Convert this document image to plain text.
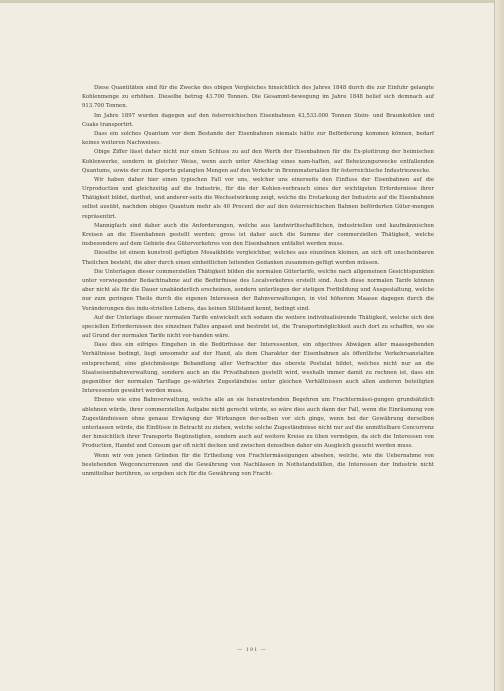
Diese Quantitäten sind für die Zwecke des obigen Vergleiches hinsichtlich des Jahres 1848 durch die zur Einfuhr gelangte Kohlenmenge zu erhöhen. Dieselbe betrug 43.700 Tonnen. Die Gesammt-bewegung im Jahre 1848 belief sich demnach auf 913.700 Tonnen.

Im Jahre 1897 wurden dagegen auf den österreichischen Eisenbahnen 43,533.000 Tonnen Stein- und Braunkohlen und Coaks transportirt.

Dass ein solches Quantum vor dem Bestande der Eisenbahnen niemals hätte zur Beförderung kommen können, bedarf keines weiteren Nachweises.

Obige Ziffer lässt daher nicht nur einen Schluss zu auf den Werth der Eisenbahnen für die Ex-ploitirung der heimischen Kohlenwerke, sondern in gleicher Weise, wenn auch unter Abschlag eines nam-haften, auf Beheizungszwecke entfallenden Quantums, sowie der zum Exporte gelangten Mengen auf den Verkehr in Brennmaterialien für österreichische Industriezwecke.

Wir haben daher hier einen typischen Fall vor uns, welcher uns einerseits den Einfluss der Eisenbahnen auf die Urproduction und gleichzeitig auf die Industrie, für die der Kohlen-verbrauch eines der wichtigsten Erfordernisse ihrer Thätigkeit bildet, darthut, und anderer-seits die Wechselwirkung zeigt, welche die Erstarkung der Industrie auf die Eisenbahnen selbst ausübt, nachdem obiges Quantum mehr als 40 Procent der auf den österreichischen Bahnen beförderten Güter-mengen repräsentirt.

Mannigfach sind daher auch die Anforderungen, welche aus landwirthschaftlichen, industriellen und kaufmännischen Kreisen an die Eisenbahnen gestellt werden; gross ist daher auch die Summe der commerziellen Thätigkeit, welche insbesondere auf dem Gebiete des Güterverkehres von den Eisenbahnen entfaltet werden muss.

Dieselbe ist einem kunstvoll gefügten Mosaikbilde vergleichbar, welches aus einzelnen kleinen, an sich oft unscheinbaren Theilchen besteht, die aber durch einen einheitlichen leitenden Gedanken zusammen-gefügt werden müssen.

Die Unterlagen dieser commerziellen Thätigkeit bilden die normalen Gütertarife, welche nach allgemeinen Gesichtspunkten unter vorwiegender Bedachtnahme auf die Bedürfnisse des Localverkehres erstellt sind. Auch diese normalen Tarife können aber nicht als für die Dauer unabänderlich erscheinen, sondern unterliegen der stetigen Fortbildung und Ausgestaltung, welche nur zum geringen Theile durch die eigenen Interessen der Bahnverwaltungen, in viel höherem Maasse dagegen durch die Veränderungen des indu-striellen Lebens, das keinen Stillstand kennt, bedingt sind.

Auf der Unterlage dieser normalen Tarife entwickelt sich sodann die weitere individualisirende Thätigkeit, welche sich den speciellen Erfordernissen des einzelnen Falles anpasst und bestrebt ist, die Transportmöglichkeit auch dort zu schaffen, wo sie auf Grund der normalen Tarife nicht vor-handen wäre.

Dass dies ein eifriges Eingehen in die Bedürfnisse der Interessenten, ein objectives Abwägen aller maassgebenden Verhältnisse bedingt, liegt umsomehr auf der Hand, als dem Charakter der Eisenbahnen als öffentliche Verkehrsanstalten entsprechend, eine gleichmässige Behandlung aller Verfrachter das oberste Postulat bildet, welches nicht nur an die Staatseisenbahnverwaltung, sondern auch an die Privatbahnen gestellt wird, weshalb immer damit zu rechnen ist, dass ein gegenüber der normalen Tariflage ge-währtes Zugeständniss unter gleichen Verhältnissen auch allen anderen beteiligten Interessenten gewährt werden muss.

Ebenso wie eine Bahnverwaltung, welche alle an sie herantretenden Begehren um Frachtermässi-gungen grundsätzlich ablehnen würde, ihrer commerziellen Aufgabe nicht gerecht würde, so wäre dies auch dann der Fall, wenn die Einräumung von Zugeständnissen ohne genaue Erwägung der Wirkungen der-selben vor sich ginge, wenn bei der Gewährung derselben unterlassen würde, die Einflüsse in Betracht zu ziehen, welche solche Zugeständnisse nicht nur auf die unmittelbare Concurrenz der hinsichtlich ihrer Transporte Begünstigten, sondern auch auf weitere Kreise zu üben vermögen, da sich die Interessen von Production, Handel und Consum gar oft nicht decken und zwischen denselben daher ein Ausgleich gesucht werden muss.

Wenn wir von jenen Gründen für die Ertheilung von Frachtermässigungen absehen, welche, wie die Uebernahme von bestehenden Wegconcurrenzen und die Gewährung von Nachlässen in Nothstandsfällen, die Interessen der Industrie nicht unmittelbar berühren, so ergeben sich für die Gewährung von Fracht-

— 191 —
